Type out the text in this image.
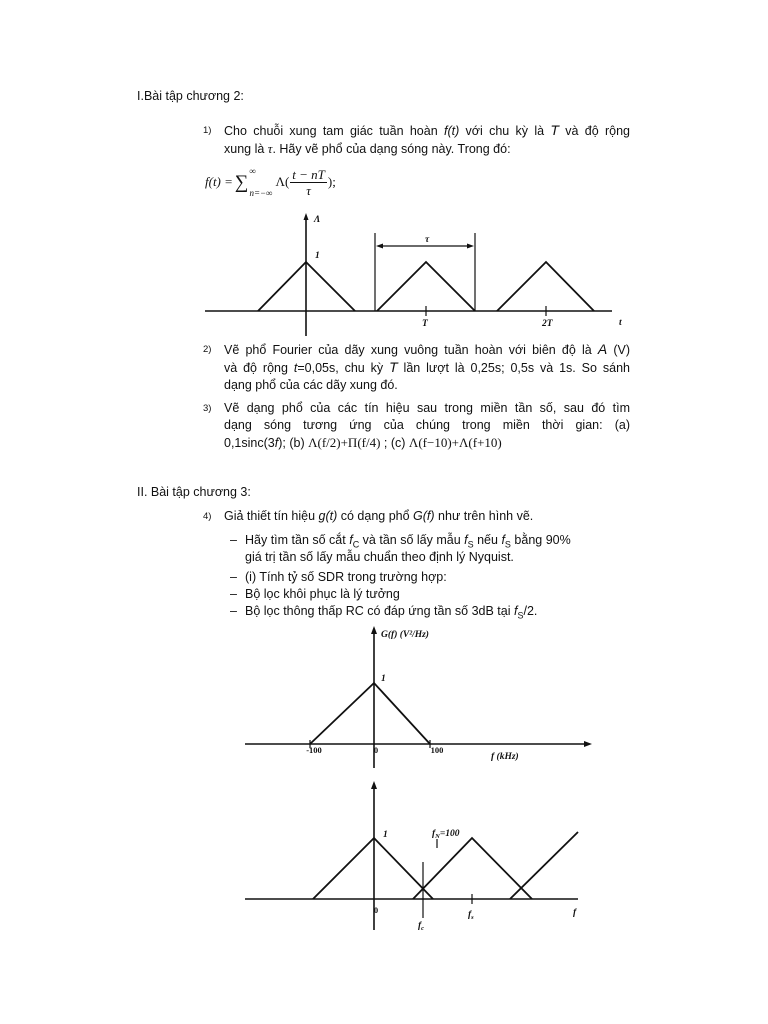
I.Bài tập chương 2:
1) Cho chuỗi xung tam giác tuần hoàn f(t) với chu kỳ là T và độ rộng
xung là τ. Hãy vẽ phổ của dạng sóng này. Trong đó:
f(t) = ∑
∞
n=−∞
$\Lambda( \frac{t - nT}{\tau}$ );
Λ
1
τ
T	2T	t
2) Vẽ phổ Fourier của dãy xung vuông tuần hoàn với biên độ là A (V)
và độ rộng t=0,05s, chu kỳ T lần lượt là 0,25s; 0,5s và 1s. So sánh
dạng phổ của các dãy xung đó.
3) Vẽ dạng phổ của các tín hiệu sau trong miền tần số, sau đó tìm
dạng sóng tương ứng của chúng trong miền thời gian: (a)
0,1sinc(3f); (b) Λ(f/2)+Π(f/4) ; (c) Λ(f−10)+Λ(f+10)
II. Bài tập chương 3:
4) Giả thiết tín hiệu g(t) có dạng phổ G(f) như trên hình vẽ.
– Hãy tìm tần số cắt $f_C$ và tần số lấy mẫu $f_S$ nếu $f_S$ bằng 90%
giá trị tần số lấy mẫu chuẩn theo định lý Nyquist.
– (i) Tính tỷ số SDR trong trường hợp:
– Bộ lọc khôi phục là lý tưởng
– Bộ lọc thông thấp RC có đáp ứng tần số 3dB tại $f_S/2$.
G(f) (V²/Hz)
1
-100	0	100
f (kHz)
1	$f_N=100$
0
$f_c$
$f_s$	f
